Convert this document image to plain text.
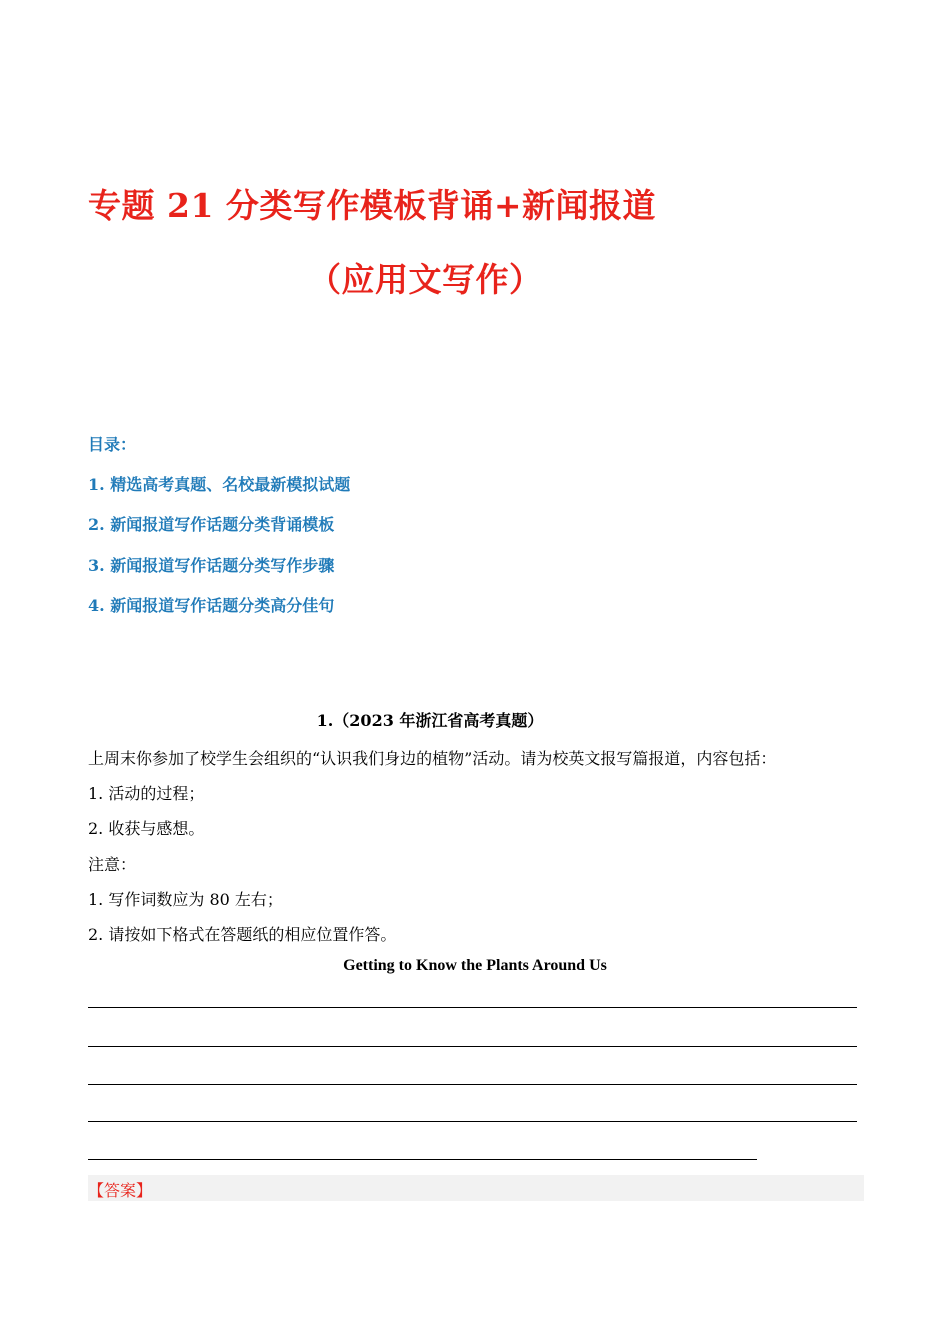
专题 21 分类写作模板背诵+新闻报道
（应用文写作）
目录：
1. 精选高考真题、名校最新模拟试题
2. 新闻报道写作话题分类背诵模板
3. 新闻报道写作话题分类写作步骤
4. 新闻报道写作话题分类高分佳句
1.（2023 年浙江省高考真题）
上周末你参加了校学生会组织的“认识我们身边的植物”活动。请为校英文报写篇报道，内容包括：
1. 活动的过程；
2. 收获与感想。
注意：
1. 写作词数应为 80 左右；
2. 请按如下格式在答题纸的相应位置作答。
Getting to Know the Plants Around Us
【答案】
